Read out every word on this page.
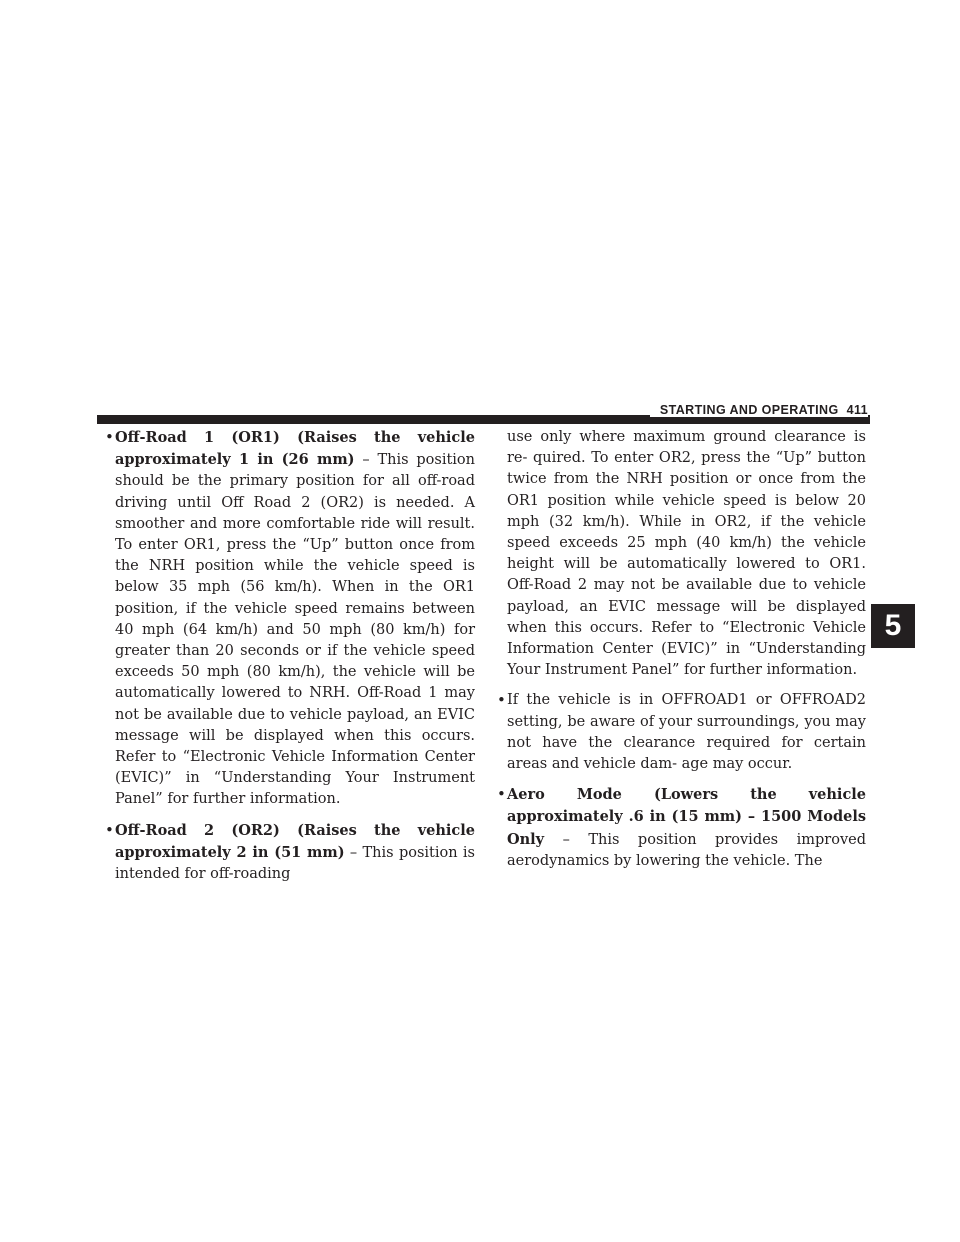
STARTING AND OPERATING 411
5
• Off-Road 1 (OR1) (Raises the vehicle approximately 1 in (26 mm) – This position should be the primary position for all off-road driving until Off Road 2 (OR2) is needed. A smoother and more comfortable ride will result. To enter OR1, press the “Up” button once from the NRH position while the vehicle speed is below 35 mph (56 km/h). When in the OR1 position, if the vehicle speed remains between 40 mph (64 km/h) and 50 mph (80 km/h) for greater than 20 seconds or if the vehicle speed exceeds 50 mph (80 km/h), the vehicle will be automatically lowered to NRH. Off-Road 1 may not be available due to vehicle payload, an EVIC message will be displayed when this occurs. Refer to “Electronic Vehicle Information Center (EVIC)” in “Understanding Your Instrument Panel” for further information.
• Off-Road 2 (OR2) (Raises the vehicle approximately 2 in (51 mm) – This position is intended for off-roading
use only where maximum ground clearance is re- quired. To enter OR2, press the “Up” button twice from the NRH position or once from the OR1 position while vehicle speed is below 20 mph (32 km/h). While in OR2, if the vehicle speed exceeds 25 mph (40 km/h) the vehicle height will be automatically lowered to OR1. Off-Road 2 may not be available due to vehicle payload, an EVIC message will be displayed when this occurs. Refer to “Electronic Vehicle Information Center (EVIC)” in “Understanding Your Instrument Panel” for further information.
• If the vehicle is in OFFROAD1 or OFFROAD2 setting, be aware of your surroundings, you may not have the clearance required for certain areas and vehicle dam- age may occur.
• Aero Mode (Lowers the vehicle approximately .6 in (15 mm) – 1500 Models Only – This position provides improved aerodynamics by lowering the vehicle. The
